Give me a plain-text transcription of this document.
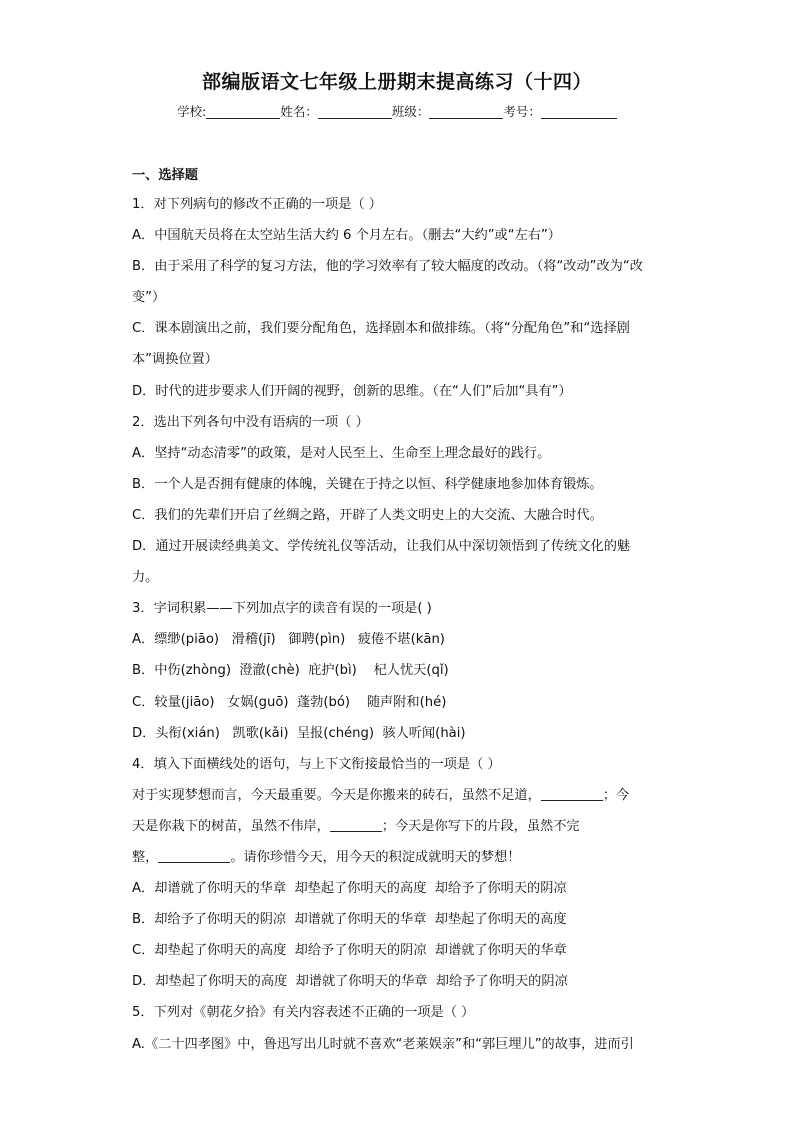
部编版语文七年级上册期末提高练习（十四）
学校:	姓名：	班级：	考号：
一、选择题
1．对下列病句的修改不正确的一项是（ ）
A．中国航天员将在太空站生活大约 6 个月左右。（删去“大约”或“左右”）
B．由于采用了科学的复习方法，他的学习效率有了较大幅度的改动。（将“改动”改为“改
变”）
C．课本剧演出之前，我们要分配角色，选择剧本和做排练。（将“分配角色”和“选择剧
本”调换位置）
D．时代的进步要求人们开阔的视野，创新的思维。（在“人们”后加“具有”）
2．选出下列各句中没有语病的一项（ ）
A．坚持“动态清零”的政策，是对人民至上、生命至上理念最好的践行。
B．一个人是否拥有健康的体魄，关键在于持之以恒、科学健康地参加体育锻炼。
C．我们的先辈们开启了丝绸之路，开辟了人类文明史上的大交流、大融合时代。
D．通过开展读经典美文、学传统礼仪等活动，让我们从中深切领悟到了传统文化的魅
力。
3．字词积累——下列加点字的读音有误的一项是( )
A．缥缈(piāo)   滑稽(jī)   御聘(pìn)   疲倦不堪(kān)
B．中伤(zhòng)  澄澈(chè)  庇护(bì)    杞人忧天(qǐ)
C．较量(jiāo)   女娲(guō)  蓬勃(bó)    随声附和(hé)
D．头衔(xián)   凯歌(kǎi)  呈报(chéng)  骇人听闻(hài)
4．填入下面横线处的语句，与上下文衔接最恰当的一项是（ ）
对于实现梦想而言，今天最重要。今天是你搬来的砖石，虽然不足道，	；今
天是你栽下的树苗，虽然不伟岸，	；今天是你写下的片段，虽然不完
整，	。请你珍惜今天，用今天的积淀成就明天的梦想！
A．却谱就了你明天的华章  却垫起了你明天的高度  却给予了你明天的阴凉
B．却给予了你明天的阴凉  却谱就了你明天的华章  却垫起了你明天的高度
C．却垫起了你明天的高度  却给予了你明天的阴凉  却谱就了你明天的华章
D．却垫起了你明天的高度  却谱就了你明天的华章  却给予了你明天的阴凉
5．下列对《朝花夕拾》有关内容表述不正确的一项是（ ）
A.《二十四孝图》中，鲁迅写出儿时就不喜欢“老莱娱亲”和“郭巨埋儿”的故事，进而引
